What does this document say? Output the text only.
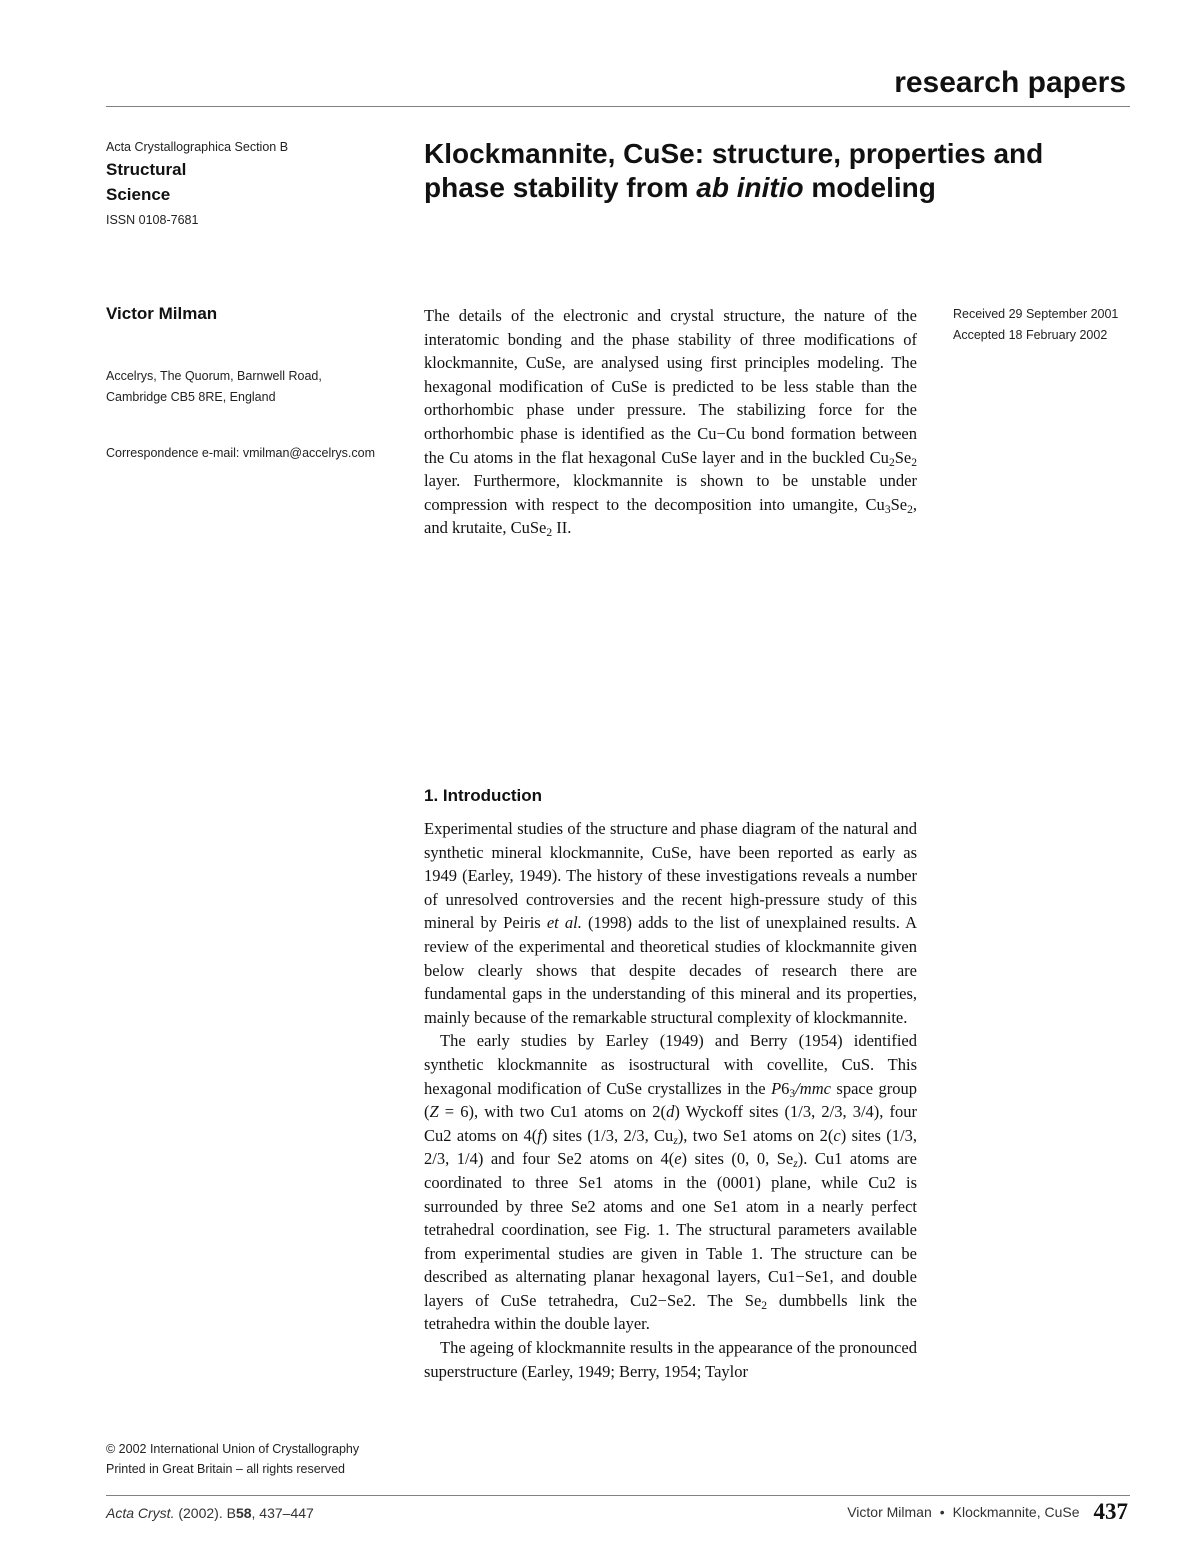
research papers
Acta Crystallographica Section B
Structural
Science
ISSN 0108-7681
Victor Milman
Accelrys, The Quorum, Barnwell Road,
Cambridge CB5 8RE, England
Correspondence e-mail: vmilman@accelrys.com
© 2002 International Union of Crystallography
Printed in Great Britain – all rights reserved
Klockmannite, CuSe: structure, properties and phase stability from ab initio modeling
Received 29 September 2001
Accepted 18 February 2002
The details of the electronic and crystal structure, the nature of the interatomic bonding and the phase stability of three modifications of klockmannite, CuSe, are analysed using first principles modeling. The hexagonal modification of CuSe is predicted to be less stable than the orthorhombic phase under pressure. The stabilizing force for the orthorhombic phase is identified as the Cu−Cu bond formation between the Cu atoms in the flat hexagonal CuSe layer and in the buckled $Cu_2Se_2$ layer. Furthermore, klockmannite is shown to be unstable under compression with respect to the decomposition into umangite, $Cu_3Se_2$, and krutaite, CuSe$_2$ II.
1. Introduction

Experimental studies of the structure and phase diagram of the natural and synthetic mineral klockmannite, CuSe, have been reported as early as 1949 (Earley, 1949). The history of these investigations reveals a number of unresolved controversies and the recent high-pressure study of this mineral by Peiris et al. (1998) adds to the list of unexplained results. A review of the experimental and theoretical studies of klockmannite given below clearly shows that despite decades of research there are fundamental gaps in the understanding of this mineral and its properties, mainly because of the remarkable structural complexity of klockmannite.

The early studies by Earley (1949) and Berry (1954) identified synthetic klockmannite as isostructural with covellite, CuS. This hexagonal modification of CuSe crystallizes in the $P6_3$/mmc space group (Z = 6), with two Cu1 atoms on 2(d) Wyckoff sites (1/3, 2/3, 3/4), four Cu2 atoms on 4(f) sites (1/3, 2/3, $Cu_z$), two Se1 atoms on 2(c) sites (1/3, 2/3, 1/4) and four Se2 atoms on 4(e) sites (0, 0, $Se_z$). Cu1 atoms are coordinated to three Se1 atoms in the (0001) plane, while Cu2 is surrounded by three Se2 atoms and one Se1 atom in a nearly perfect tetrahedral coordination, see Fig. 1. The structural parameters available from experimental studies are given in Table 1. The structure can be described as alternating planar hexagonal layers, Cu1−Se1, and double layers of CuSe tetrahedra, Cu2−Se2. The $Se_2$ dumbbells link the tetrahedra within the double layer.

The ageing of klockmannite results in the appearance of the pronounced superstructure (Earley, 1949; Berry, 1954; Taylor

Acta Cryst. (2002). B58, 437–447	Victor Milman • Klockmannite, CuSe 437
